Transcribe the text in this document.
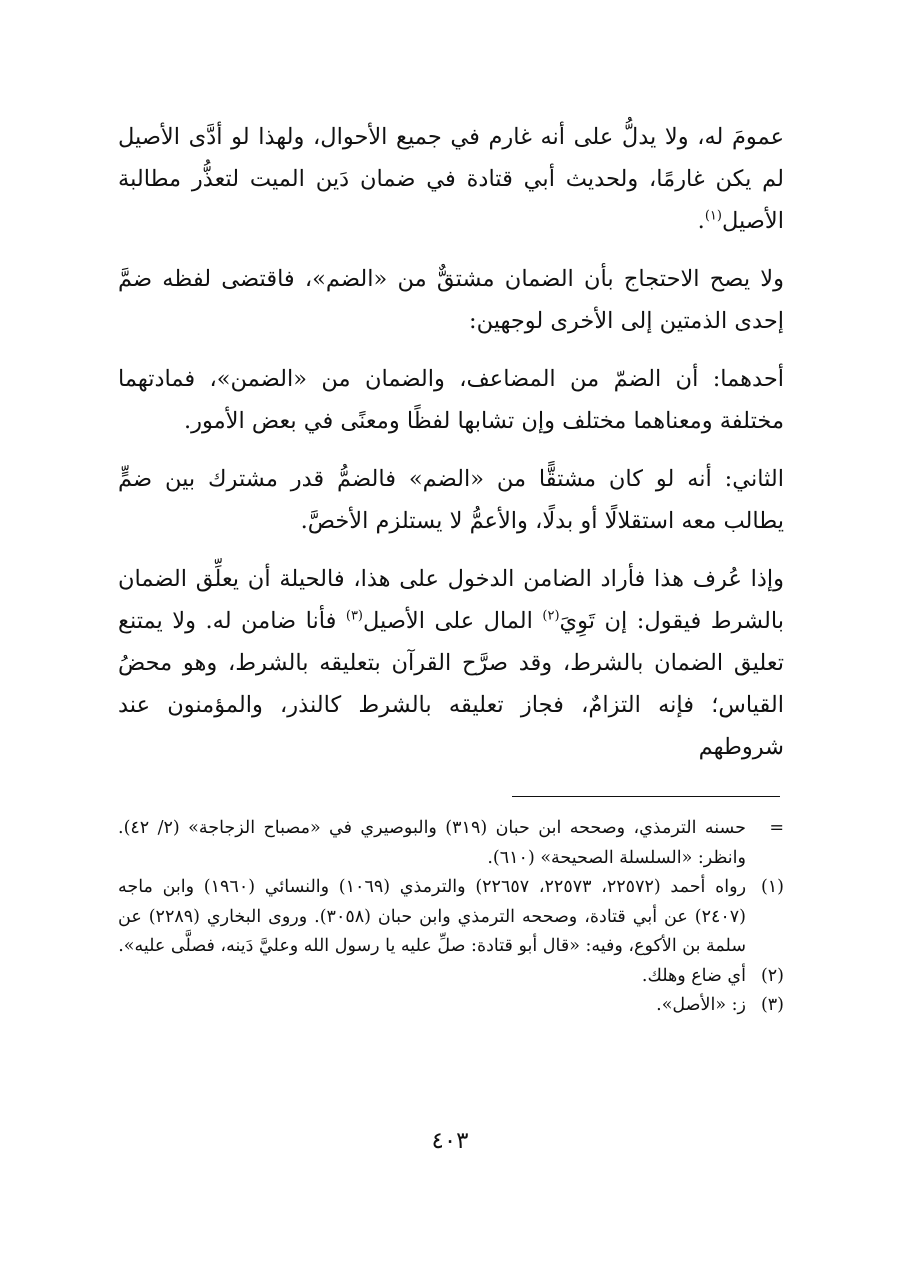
عمومَ له، ولا يدلُّ على أنه غارم في جميع الأحوال، ولهذا لو أدَّى الأصيل لم يكن غارمًا، ولحديث أبي قتادة في ضمان دَين الميت لتعذُّر مطالبة الأصيل$^{(١)}$.

ولا يصح الاحتجاج بأن الضمان مشتقٌّ من «الضم»، فاقتضى لفظه ضمَّ إحدى الذمتين إلى الأخرى لوجهين:

أحدهما: أن الضمّ من المضاعف، والضمان من «الضمن»، فمادتهما مختلفة ومعناهما مختلف وإن تشابها لفظًا ومعنًى في بعض الأمور.

الثاني: أنه لو كان مشتقًّا من «الضم» فالضمُّ قدر مشترك بين ضمٍّ يطالب معه استقلالًا أو بدلًا، والأعمُّ لا يستلزم الأخصَّ.

وإذا عُرف هذا فأراد الضامن الدخول على هذا، فالحيلة أن يعلِّق الضمان بالشرط فيقول: إن تَوِيَ$^{(٢)}$ المال على الأصيل$^{(٣)}$ فأنا ضامن له. ولا يمتنع تعليق الضمان بالشرط، وقد صرَّح القرآن بتعليقه بالشرط، وهو محضُ القياس؛ فإنه التزامٌ، فجاز تعليقه بالشرط كالنذر، والمؤمنون عند شروطهم

=
حسنه الترمذي، وصححه ابن حبان (٣١٩) والبوصيري في «مصباح الزجاجة» (٢/ ٤٢). وانظر: «السلسلة الصحيحة» (٦١٠).
(١)
رواه أحمد (٢٢٥٧٢، ٢٢٥٧٣، ٢٢٦٥٧) والترمذي (١٠٦٩) والنسائي (١٩٦٠) وابن ماجه (٢٤٠٧) عن أبي قتادة، وصححه الترمذي وابن حبان (٣٠٥٨). وروى البخاري (٢٢٨٩) عن سلمة بن الأكوع، وفيه: «قال أبو قتادة: صلِّ عليه يا رسول الله وعليَّ دَينه، فصلَّى عليه».
(٢)
أي ضاع وهلك.
(٣)
ز: «الأصل».
٤٠٣
